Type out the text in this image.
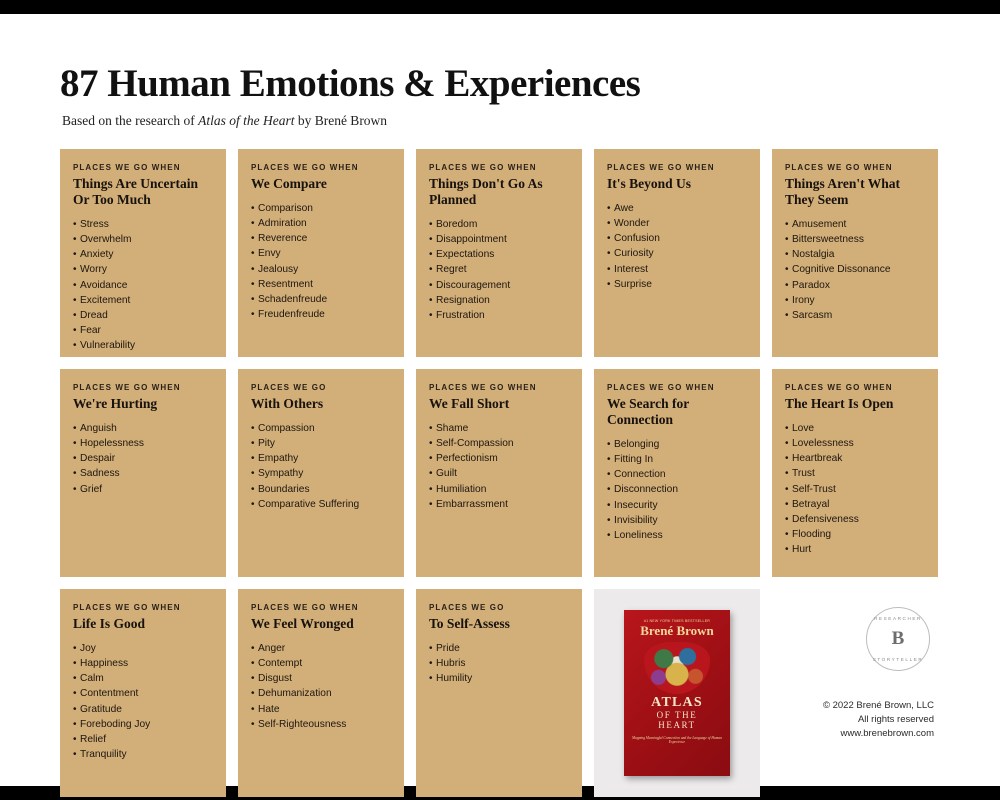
87 Human Emotions & Experiences
Based on the research of Atlas of the Heart by Brené Brown
PLACES WE GO WHEN
Things Are Uncertain Or Too Much
• Stress
• Overwhelm
• Anxiety
• Worry
• Avoidance
• Excitement
• Dread
• Fear
• Vulnerability
PLACES WE GO WHEN
We Compare
• Comparison
• Admiration
• Reverence
• Envy
• Jealousy
• Resentment
• Schadenfreude
• Freudenfreude
PLACES WE GO WHEN
Things Don't Go As Planned
• Boredom
• Disappointment
• Expectations
• Regret
• Discouragement
• Resignation
• Frustration
PLACES WE GO WHEN
It's Beyond Us
• Awe
• Wonder
• Confusion
• Curiosity
• Interest
• Surprise
PLACES WE GO WHEN
Things Aren't What They Seem
• Amusement
• Bittersweetness
• Nostalgia
• Cognitive Dissonance
• Paradox
• Irony
• Sarcasm
PLACES WE GO WHEN
We're Hurting
• Anguish
• Hopelessness
• Despair
• Sadness
• Grief
PLACES WE GO
With Others
• Compassion
• Pity
• Empathy
• Sympathy
• Boundaries
• Comparative Suffering
PLACES WE GO WHEN
We Fall Short
• Shame
• Self-Compassion
• Perfectionism
• Guilt
• Humiliation
• Embarrassment
PLACES WE GO WHEN
We Search for Connection
• Belonging
• Fitting In
• Connection
• Disconnection
• Insecurity
• Invisibility
• Loneliness
PLACES WE GO WHEN
The Heart Is Open
• Love
• Lovelessness
• Heartbreak
• Trust
• Self-Trust
• Betrayal
• Defensiveness
• Flooding
• Hurt
PLACES WE GO WHEN
Life Is Good
• Joy
• Happiness
• Calm
• Contentment
• Gratitude
• Foreboding Joy
• Relief
• Tranquility
PLACES WE GO WHEN
We Feel Wronged
• Anger
• Contempt
• Disgust
• Dehumanization
• Hate
• Self-Righteousness
PLACES WE GO
To Self-Assess
• Pride
• Hubris
• Humility
#1 NEW YORK TIMES BESTSELLER
Brené Brown
ATLAS
OF THE
HEART
Mapping Meaningful Connection and the Language of Human Experience
RESEARCHER
B
STORYTELLER
© 2022 Brené Brown, LLC
All rights reserved
www.brenebrown.com
